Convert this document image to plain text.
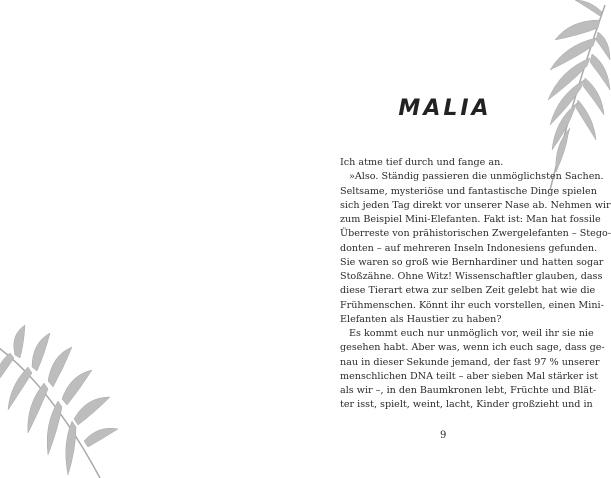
MALIA
Ich atme tief durch und fange an.
»Also. Ständig passieren die unmöglichsten Sachen.
Seltsame, mysteriöse und fantastische Dinge spielen
sich jeden Tag direkt vor unserer Nase ab. Nehmen wir
zum Beispiel Mini-Elefanten. Fakt ist: Man hat fossile
Überreste von prähistorischen Zwergelefanten – Stego-
donten – auf mehreren Inseln Indonesiens gefunden.
Sie waren so groß wie Bernhardiner und hatten sogar
Stoßzähne. Ohne Witz! Wissenschaftler glauben, dass
diese Tierart etwa zur selben Zeit gelebt hat wie die
Frühmenschen. Könnt ihr euch vorstellen, einen Mini-
Elefanten als Haustier zu haben?
Es kommt euch nur unmöglich vor, weil ihr sie nie
gesehen habt. Aber was, wenn ich euch sage, dass ge-
nau in dieser Sekunde jemand, der fast 97 % unserer
menschlichen DNA teilt – aber sieben Mal stärker ist
als wir –, in den Baumkronen lebt, Früchte und Blät-
ter isst, spielt, weint, lacht, Kinder großzieht und in
9
